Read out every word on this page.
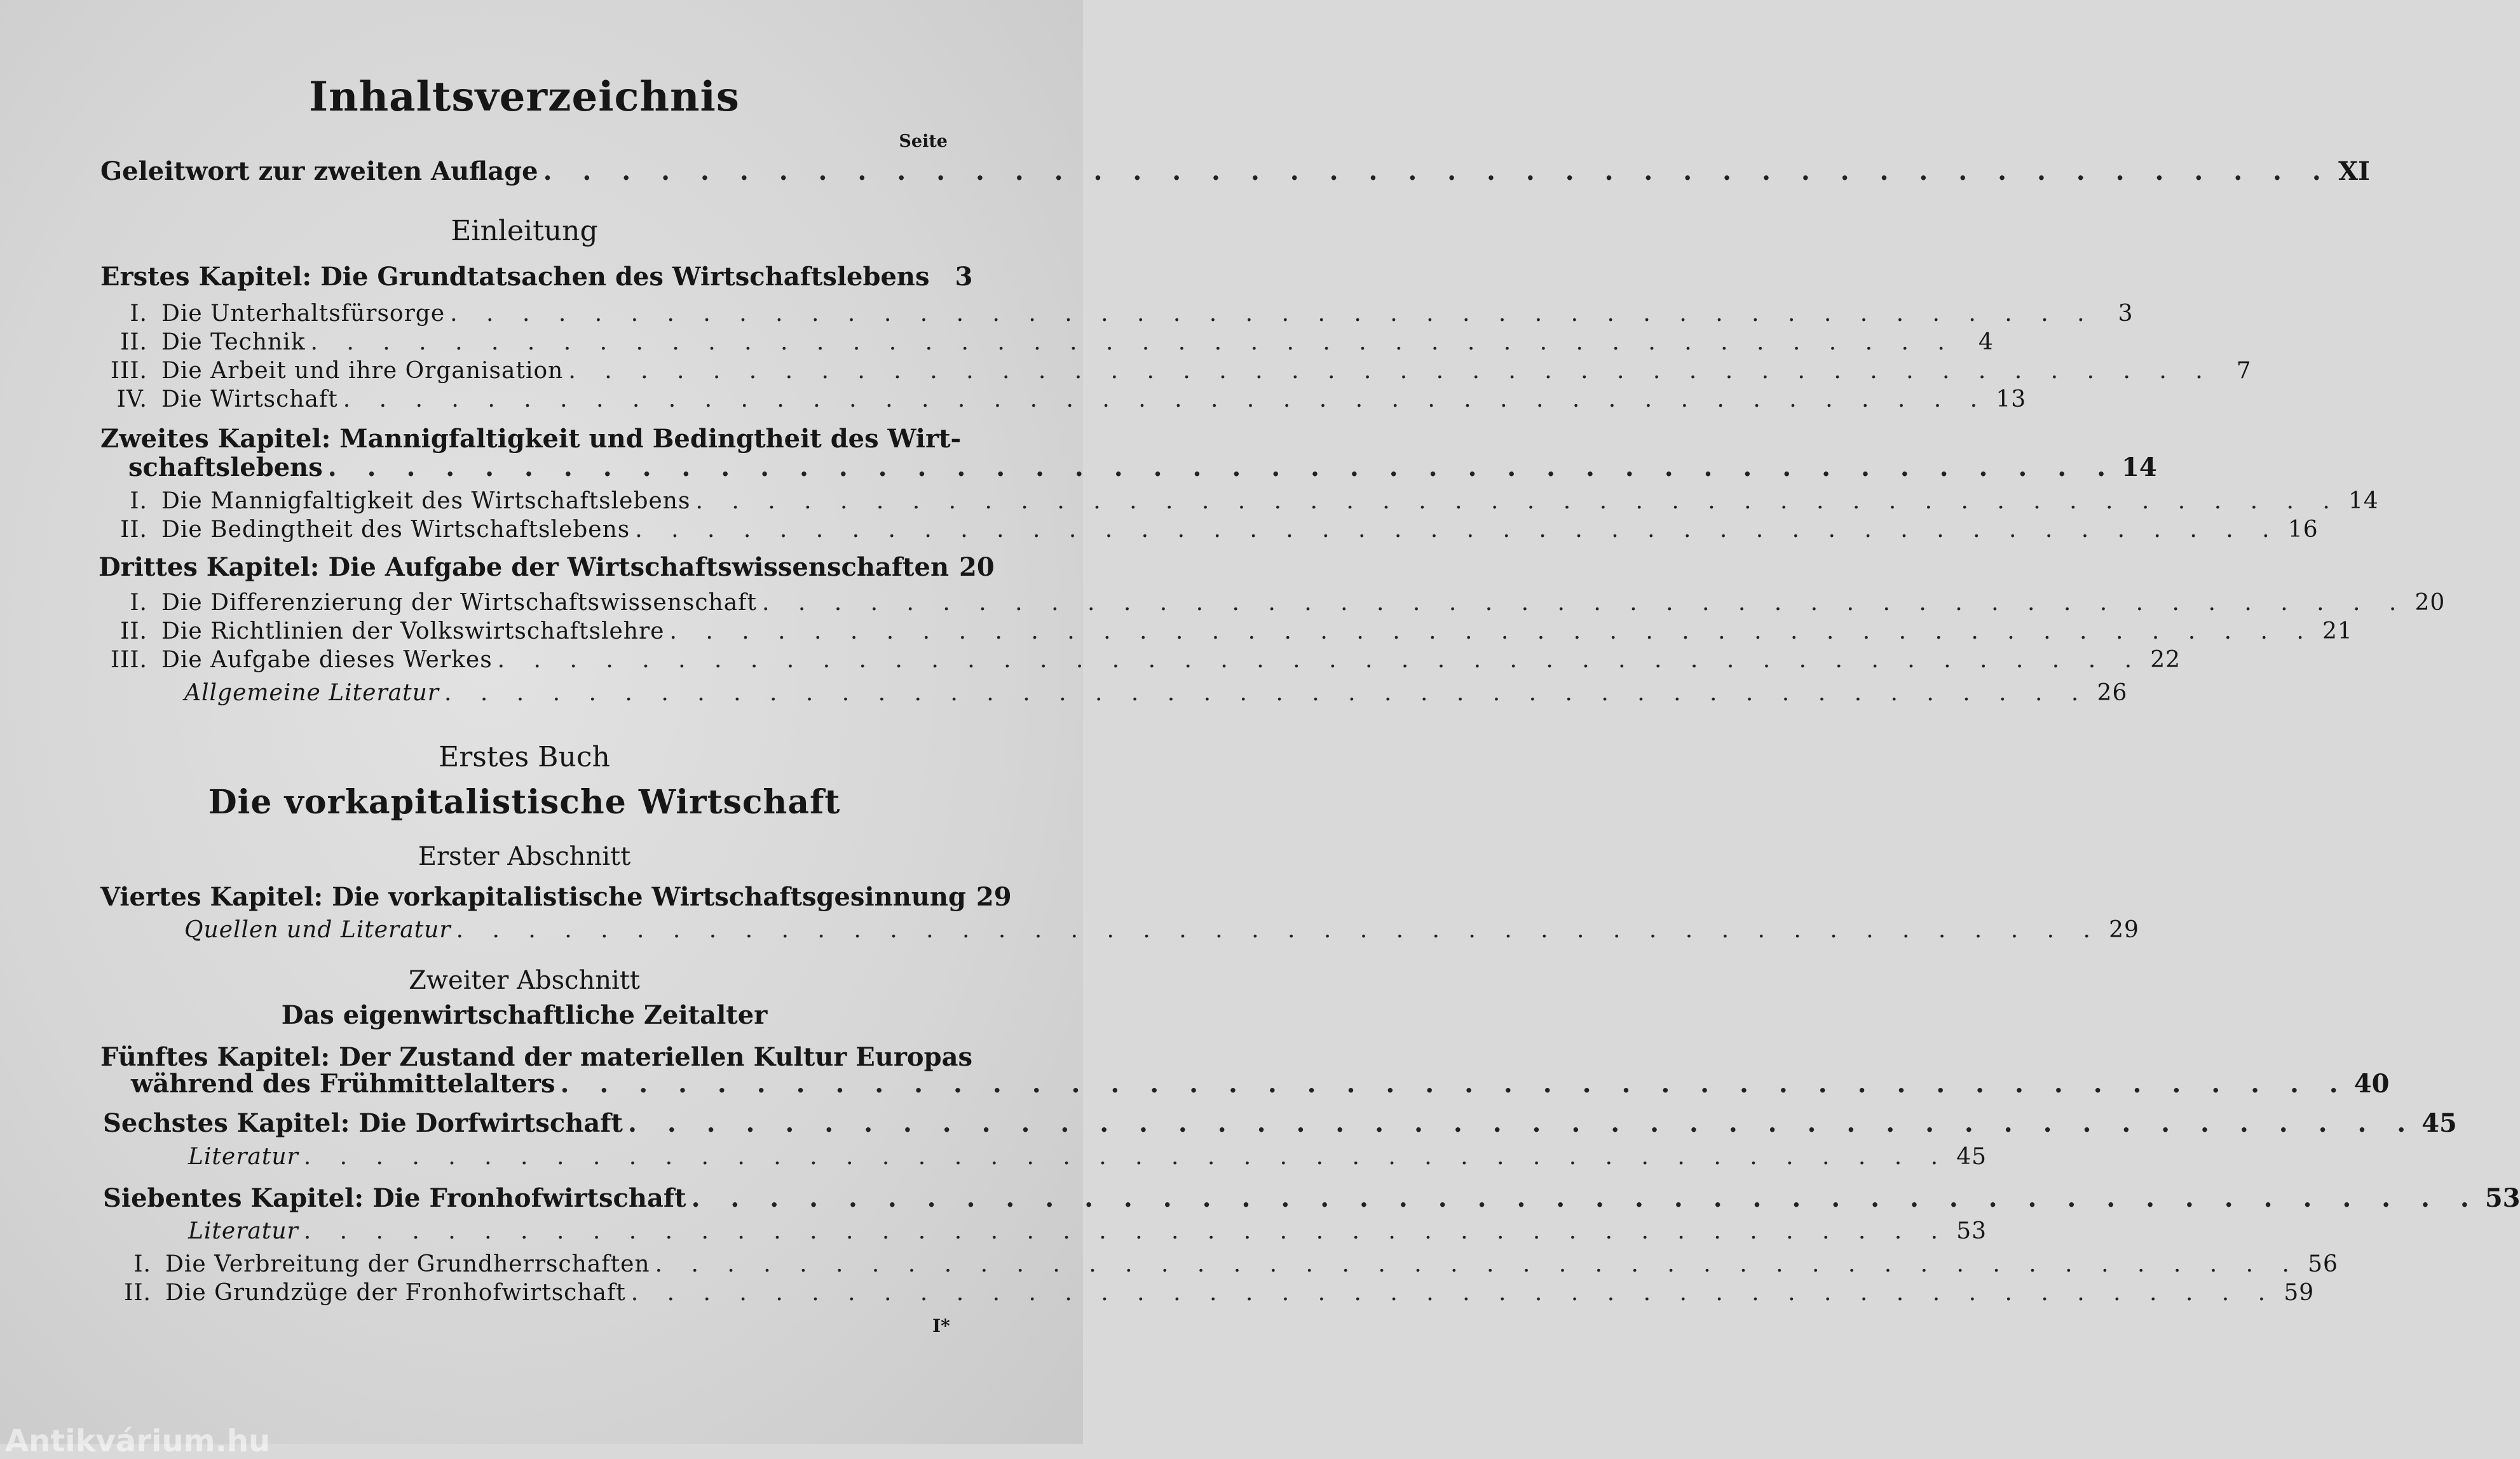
Inhaltsverzeichnis
Seite
Geleitwort zur zweiten Auflage . . . . . . . . . . . . . . . . . . . . . . . . . . . . . . . . . . . . . . . . . . . . . . XI
Einleitung
Erstes Kapitel: Die Grundtatsachen des Wirtschaftslebens	3
I. Die Unterhaltsfürsorge . . . . . . . . . . . . . . . . . . . . . . . . . . . . . . . . . . . . . . . . . . . . . .	3
II. Die Technik . . . . . . . . . . . . . . . . . . . . . . . . . . . . . . . . . . . . . . . . . . . . . .	4
III. Die Arbeit und ihre Organisation . . . . . . . . . . . . . . . . . . . . . . . . . . . . . . . . . . . . . . . . . . . . . .	7
IV. Die Wirtschaft . . . . . . . . . . . . . . . . . . . . . . . . . . . . . . . . . . . . . . . . . . . . . . 13
Zweites Kapitel: Mannigfaltigkeit und Bedingtheit des Wirt-
schaftslebens . . . . . . . . . . . . . . . . . . . . . . . . . . . . . . . . . . . . . . . . . . . . . . 14
I. Die Mannigfaltigkeit des Wirtschaftslebens . . . . . . . . . . . . . . . . . . . . . . . . . . . . . . . . . . . . . . . . . . . . . . 14
II. Die Bedingtheit des Wirtschaftslebens . . . . . . . . . . . . . . . . . . . . . . . . . . . . . . . . . . . . . . . . . . . . . . 16
Drittes Kapitel: Die Aufgabe der Wirtschaftswissenschaften 20
I. Die Differenzierung der Wirtschaftswissenschaft . . . . . . . . . . . . . . . . . . . . . . . . . . . . . . . . . . . . . . . . . . . . . . 20
II. Die Richtlinien der Volkswirtschaftslehre . . . . . . . . . . . . . . . . . . . . . . . . . . . . . . . . . . . . . . . . . . . . . . 21
III. Die Aufgabe dieses Werkes . . . . . . . . . . . . . . . . . . . . . . . . . . . . . . . . . . . . . . . . . . . . . . 22
Allgemeine Literatur . . . . . . . . . . . . . . . . . . . . . . . . . . . . . . . . . . . . . . . . . . . . . . 26
Erstes Buch
Die vorkapitalistische Wirtschaft
Erster Abschnitt
Viertes Kapitel: Die vorkapitalistische Wirtschaftsgesinnung 29
Quellen und Literatur . . . . . . . . . . . . . . . . . . . . . . . . . . . . . . . . . . . . . . . . . . . . . . 29
Zweiter Abschnitt
Das eigenwirtschaftliche Zeitalter
Fünftes Kapitel: Der Zustand der materiellen Kultur Europas
während des Frühmittelalters . . . . . . . . . . . . . . . . . . . . . . . . . . . . . . . . . . . . . . . . . . . . . . 40
Sechstes Kapitel: Die Dorfwirtschaft . . . . . . . . . . . . . . . . . . . . . . . . . . . . . . . . . . . . . . . . . . . . . . 45
Literatur . . . . . . . . . . . . . . . . . . . . . . . . . . . . . . . . . . . . . . . . . . . . . . 45
Siebentes Kapitel: Die Fronhofwirtschaft . . . . . . . . . . . . . . . . . . . . . . . . . . . . . . . . . . . . . . . . . . . . . . 53
Literatur . . . . . . . . . . . . . . . . . . . . . . . . . . . . . . . . . . . . . . . . . . . . . . 53
I. Die Verbreitung der Grundherrschaften . . . . . . . . . . . . . . . . . . . . . . . . . . . . . . . . . . . . . . . . . . . . . . 56
II. Die Grundzüge der Fronhofwirtschaft . . . . . . . . . . . . . . . . . . . . . . . . . . . . . . . . . . . . . . . . . . . . . . 59
I*
Antikvárium.hu
